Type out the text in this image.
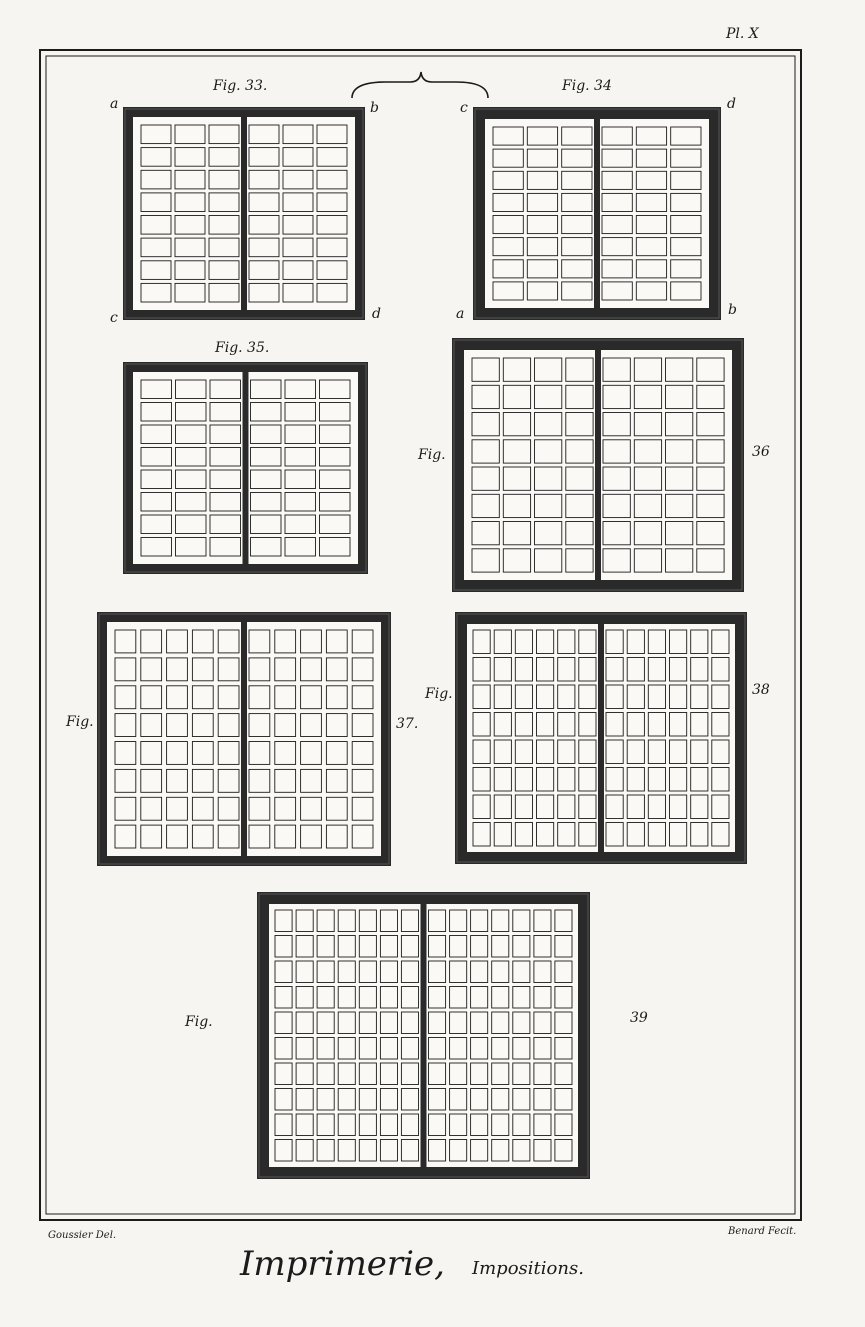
Pl. X
Fig. 33.
a	b
c	d
Fig. 34
c	d
a	b
Fig. 35.
Fig.	36
Fig.	37.
Fig.	38
Fig.	39
Goussier Del.	Benard Fecit.
Imprimerie, Impositions.
